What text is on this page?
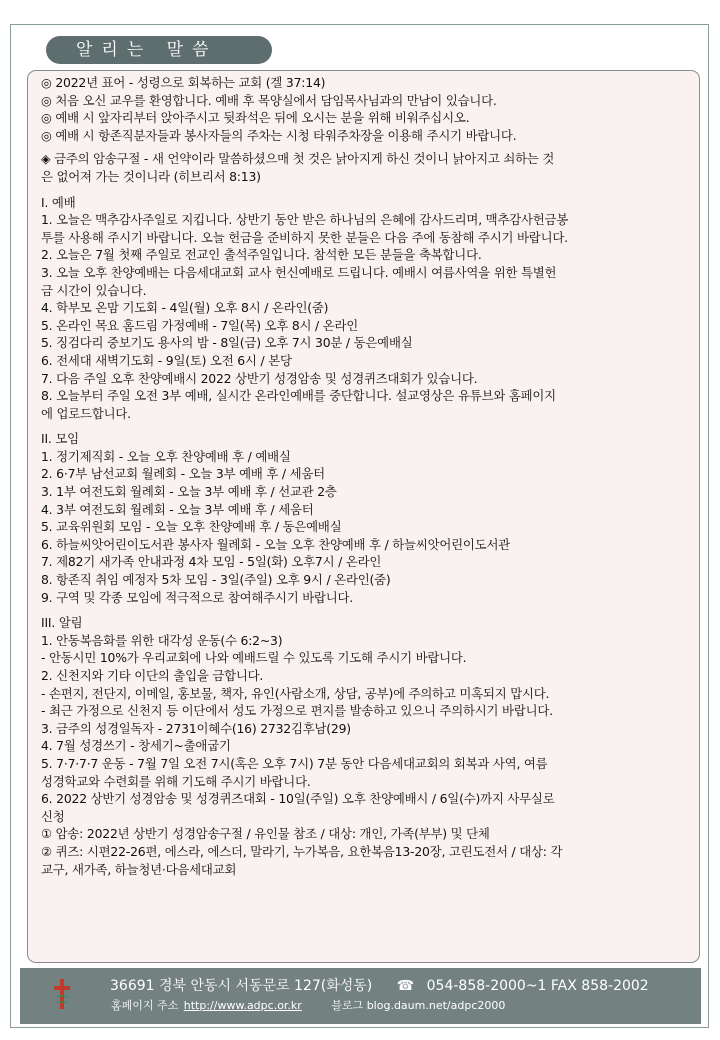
알리는 말씀
◎ 2022년 표어 - 성령으로 회복하는 교회 (겔 37:14)
◎ 처음 오신 교우를 환영합니다. 예배 후 목양실에서 담임목사님과의 만남이 있습니다.
◎ 예배 시 앞자리부터 앉아주시고 뒷좌석은 뒤에 오시는 분을 위해 비워주십시오.
◎ 예배 시 항존직분자들과 봉사자들의 주차는 시청 타워주차장을 이용해 주시기 바랍니다.
◈ 금주의 암송구절 - 새 언약이라 말씀하셨으매 첫 것은 낡아지게 하신 것이니 낡아지고 쇠하는 것
은 없어져 가는 것이니라 (히브리서 8:13)
I. 예배
1. 오늘은 맥추감사주일로 지킵니다. 상반기 동안 받은 하나님의 은혜에 감사드리며, 맥추감사헌금봉
투를 사용해 주시기 바랍니다. 오늘 헌금을 준비하지 못한 분들은 다음 주에 동참해 주시기 바랍니다.
2. 오늘은 7월 첫째 주일로 전교인 출석주일입니다. 참석한 모든 분들을 축복합니다.
3. 오늘 오후 찬양예배는 다음세대교회 교사 헌신예배로 드립니다. 예배시 여름사역을 위한 특별헌
금 시간이 있습니다.
4. 학부모 온맘 기도회 - 4일(월) 오후 8시 / 온라인(줌)
5. 온라인 목요 홈드림 가정예배 - 7일(목) 오후 8시 / 온라인
5. 징검다리 중보기도 용사의 밤 - 8일(금) 오후 7시 30분 / 동은예배실
6. 전세대 새벽기도회 - 9일(토) 오전 6시 / 본당
7. 다음 주일 오후 찬양예배시 2022 상반기 성경암송 및 성경퀴즈대회가 있습니다.
8. 오늘부터 주일 오전 3부 예배, 실시간 온라인예배를 중단합니다. 설교영상은 유튜브와 홈페이지
에 업로드합니다.
II. 모임
1. 정기제직회 - 오늘 오후 찬양예배 후 / 예배실
2. 6·7부 남선교회 월례회 - 오늘 3부 예배 후 / 세움터
3. 1부 여전도회 월례회 - 오늘 3부 예배 후 / 선교관 2층
4. 3부 여전도회 월례회 - 오늘 3부 예배 후 / 세움터
5. 교육위원회 모임 - 오늘 오후 찬양예배 후 / 동은예배실
6. 하늘씨앗어린이도서관 봉사자 월례회 - 오늘 오후 찬양예배 후 / 하늘씨앗어린이도서관
7. 제82기 새가족 안내과정 4차 모임 - 5일(화) 오후7시 / 온라인
8. 항존직 취임 예정자 5차 모임 - 3일(주일) 오후 9시 / 온라인(줌)
9. 구역 및 각종 모임에 적극적으로 참여해주시기 바랍니다.
III. 알림
1. 안동복음화를 위한 대각성 운동(수 6:2~3)
- 안동시민 10%가 우리교회에 나와 예배드릴 수 있도록 기도해 주시기 바랍니다.
2. 신천지와 기타 이단의 출입을 금합니다.
- 손편지, 전단지, 이메일, 홍보물, 책자, 유인(사람소개, 상담, 공부)에 주의하고 미혹되지 맙시다.
- 최근 가정으로 신천지 등 이단에서 성도 가정으로 편지를 발송하고 있으니 주의하시기 바랍니다.
3. 금주의 성경일독자 - 2731이혜수(16) 2732김후남(29)
4. 7월 성경쓰기 - 창세기~출애굽기
5. 7·7·7·7 운동 - 7월 7일 오전 7시(혹은 오후 7시) 7분 동안 다음세대교회의 회복과 사역, 여름
성경학교와 수련회를 위해 기도해 주시기 바랍니다.
6. 2022 상반기 성경암송 및 성경퀴즈대회 - 10일(주일) 오후 찬양예배시 / 6일(수)까지 사무실로
신청
① 암송: 2022년 상반기 성경암송구절 / 유인물 참조 / 대상: 개인, 가족(부부) 및 단체
② 퀴즈: 시편22-26편, 에스라, 에스더, 말라기, 누가복음, 요한복음13-20장, 고린도전서 / 대상: 각
교구, 새가족, 하늘청년·다음세대교회
36691 경북 안동시 서동문로 127(화성동) ☎ 054-858-2000~1 FAX 858-2002
홈페이지 주소 http://www.adpc.or.kr	블로그 blog.daum.net/adpc2000
